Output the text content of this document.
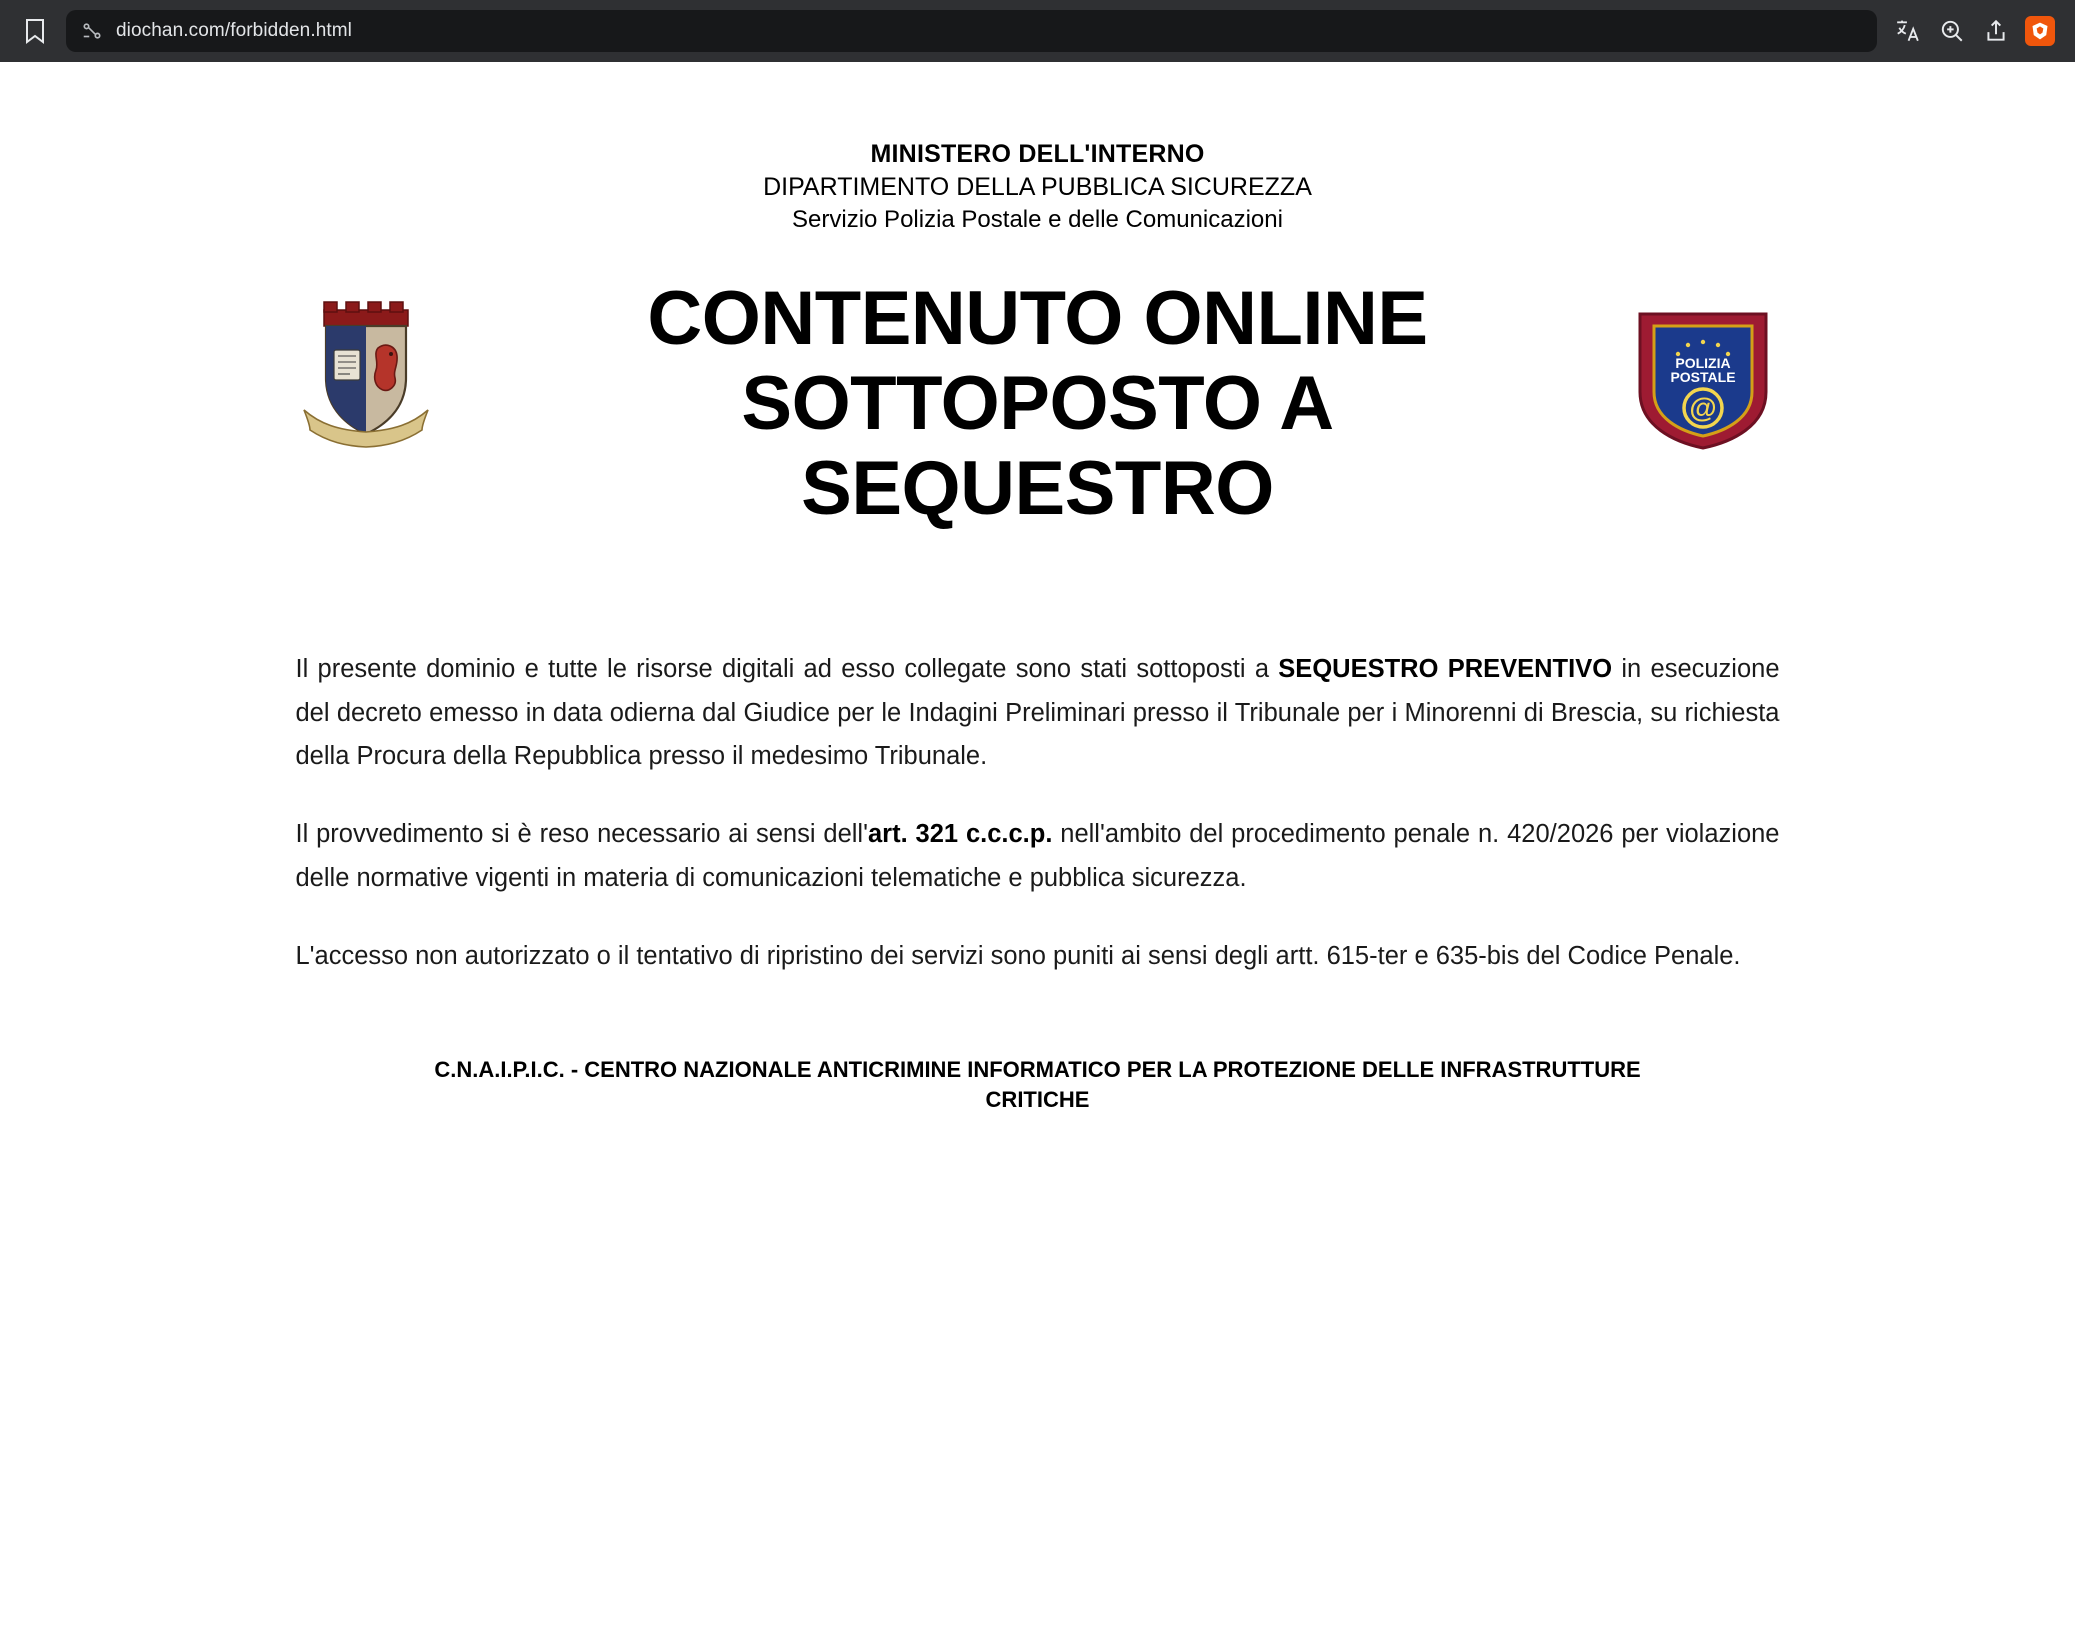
diochan.com/forbidden.html
MINISTERO DELL'INTERNO
DIPARTIMENTO DELLA PUBBLICA SICUREZZA
Servizio Polizia Postale e delle Comunicazioni
CONTENUTO ONLINE SOTTOPOSTO A SEQUESTRO
POLIZIA
POSTALE
@

Il presente dominio e tutte le risorse digitali ad esso collegate sono stati sottoposti a SEQUESTRO PREVENTIVO in esecuzione del decreto emesso in data odierna dal Giudice per le Indagini Preliminari presso il Tribunale per i Minorenni di Brescia, su richiesta della Procura della Repubblica presso il medesimo Tribunale.

Il provvedimento si è reso necessario ai sensi dell'art. 321 c.c.c.p. nell'ambito del procedimento penale n. 420/2026 per violazione delle normative vigenti in materia di comunicazioni telematiche e pubblica sicurezza.

L'accesso non autorizzato o il tentativo di ripristino dei servizi sono puniti ai sensi degli artt. 615-ter e 635-bis del Codice Penale.

C.N.A.I.P.I.C. - CENTRO NAZIONALE ANTICRIMINE INFORMATICO PER LA PROTEZIONE DELLE INFRASTRUTTURE CRITICHE
